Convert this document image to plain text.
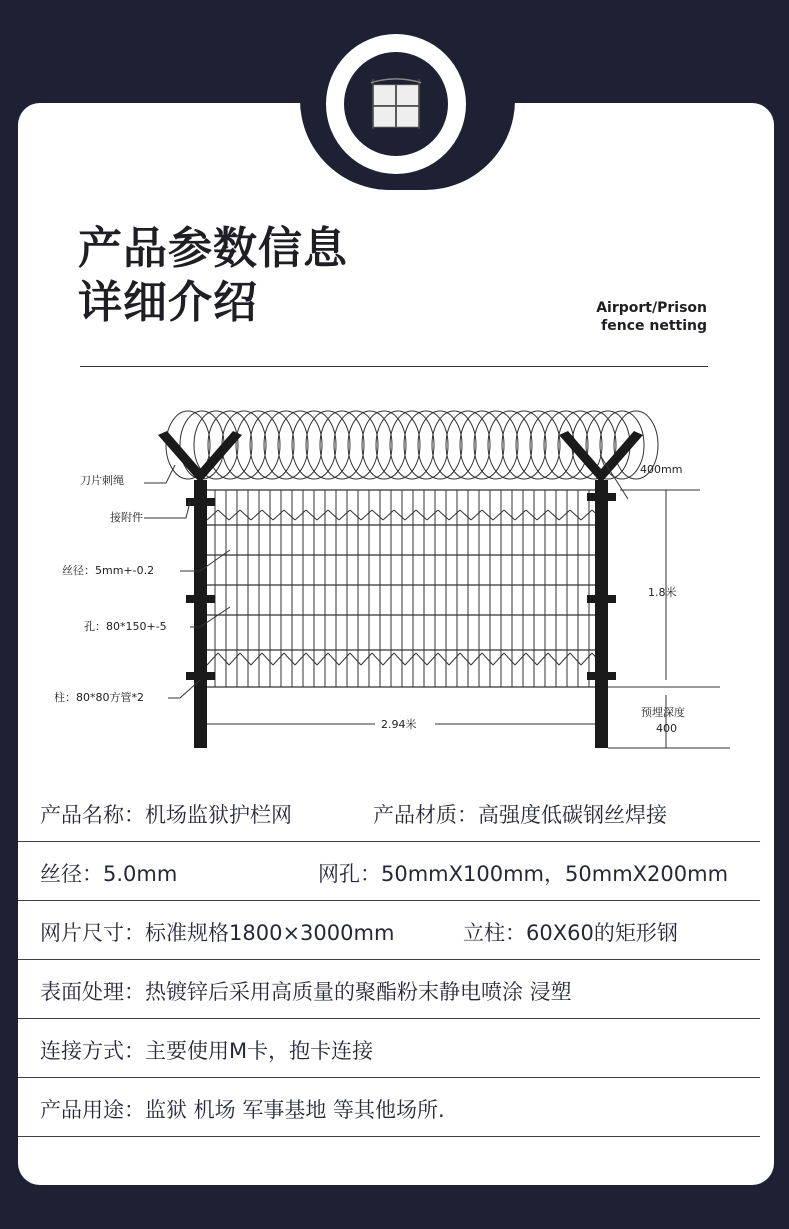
产品参数信息
详细介绍	Airport/Prison
fence netting
刀片刺绳
接附件
丝径：5mm+-0.2
孔：80*150+-5
柱：80*80方管*2
400mm
1.8米
2.94米
预埋深度
400
产品名称：机场监狱护栏网	产品材质：高强度低碳钢丝焊接
丝径：5.0mm	网孔：50mmX100mm，50mmX200mm
网片尺寸：标准规格1800×3000mm	立柱：60X60的矩形钢
表面处理：热镀锌后采用高质量的聚酯粉末静电喷涂 浸塑
连接方式：主要使用M卡，抱卡连接
产品用途：监狱 机场 军事基地 等其他场所.
